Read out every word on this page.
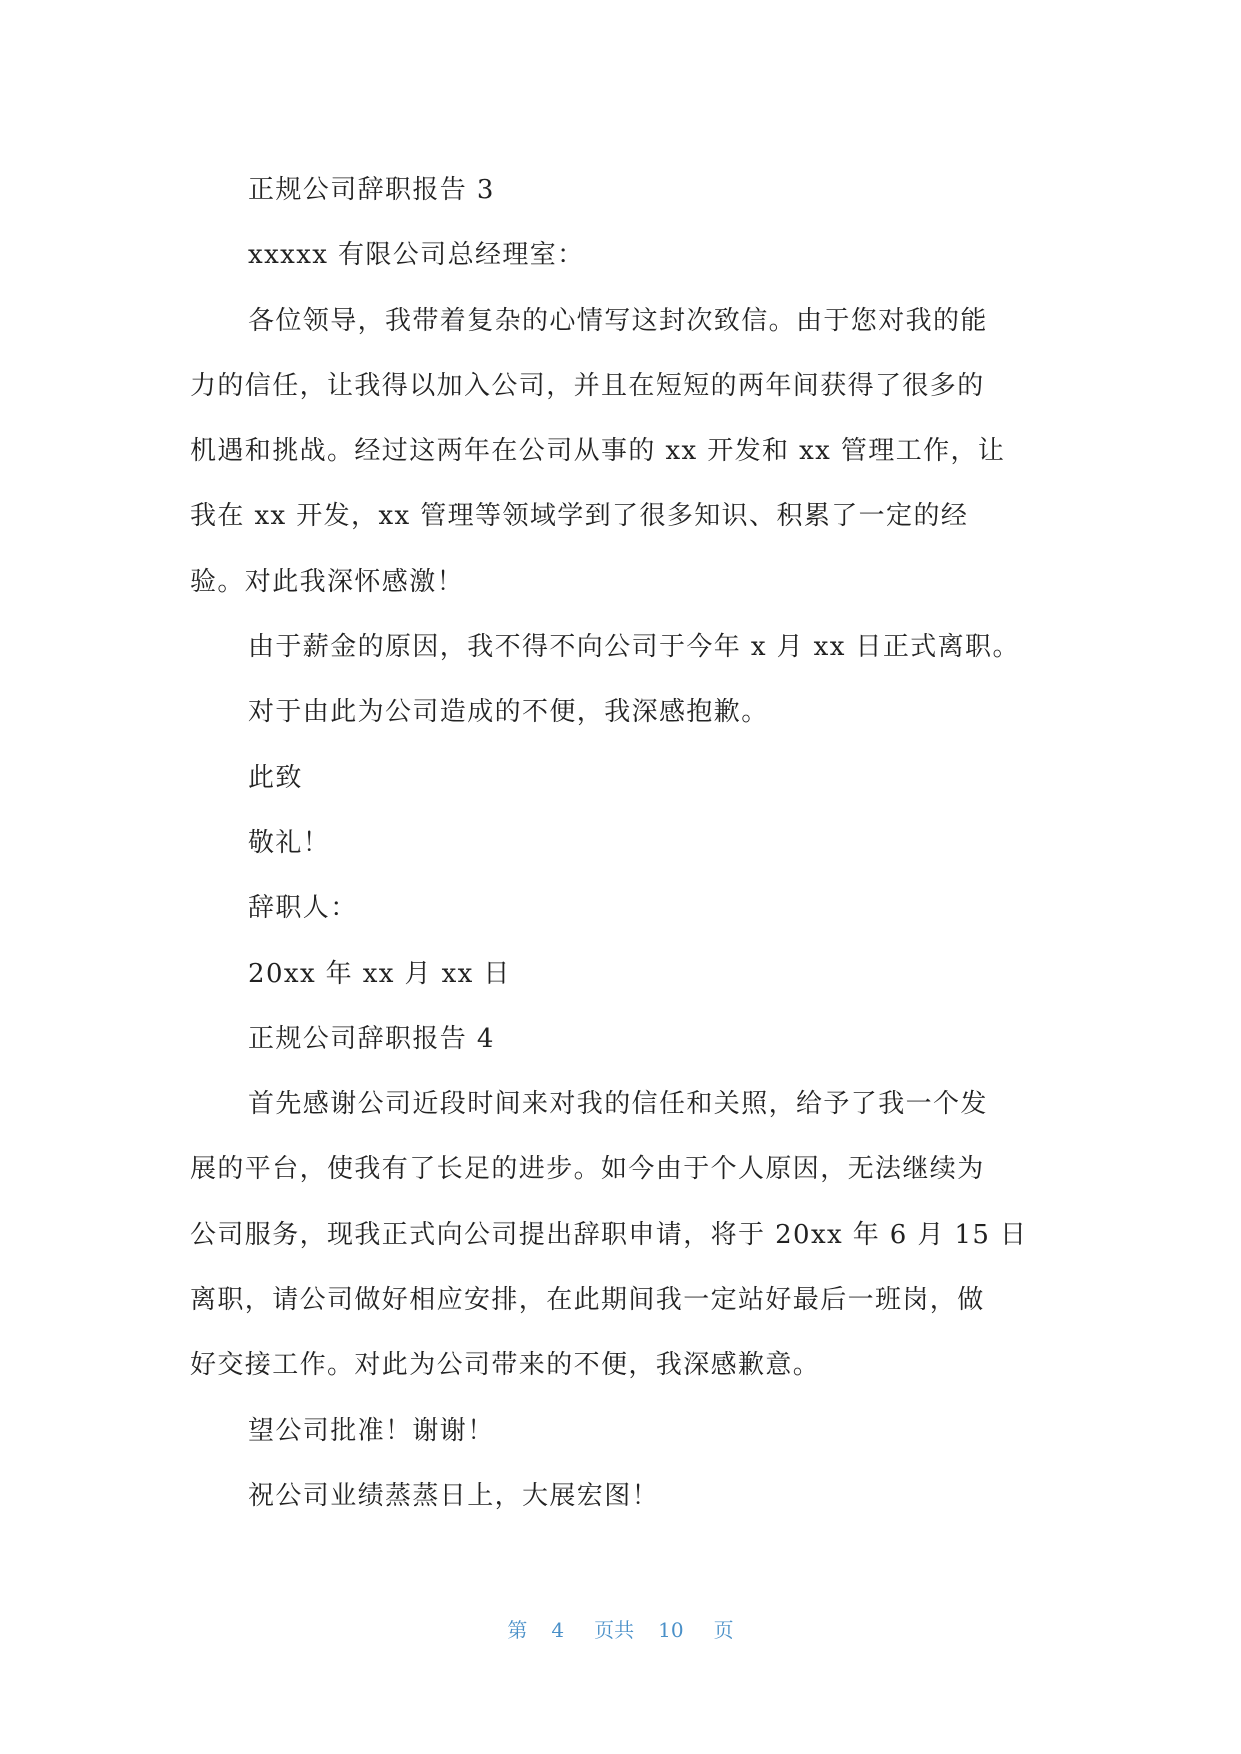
正规公司辞职报告 3
xxxxx 有限公司总经理室：
各位领导，我带着复杂的心情写这封次致信。由于您对我的能
力的信任，让我得以加入公司，并且在短短的两年间获得了很多的
机遇和挑战。经过这两年在公司从事的 xx 开发和 xx 管理工作，让
我在 xx 开发，xx 管理等领域学到了很多知识、积累了一定的经
验。对此我深怀感激！
由于薪金的原因，我不得不向公司于今年 x 月 xx 日正式离职。
对于由此为公司造成的不便，我深感抱歉。
此致
敬礼！
辞职人：
20xx 年 xx 月 xx 日
正规公司辞职报告 4
首先感谢公司近段时间来对我的信任和关照，给予了我一个发
展的平台，使我有了长足的进步。如今由于个人原因，无法继续为
公司服务，现我正式向公司提出辞职申请，将于 20xx 年 6 月 15 日
离职，请公司做好相应安排，在此期间我一定站好最后一班岗，做
好交接工作。对此为公司带来的不便，我深感歉意。
望公司批准！谢谢！
祝公司业绩蒸蒸日上，大展宏图！
第 4 页共 10 页
